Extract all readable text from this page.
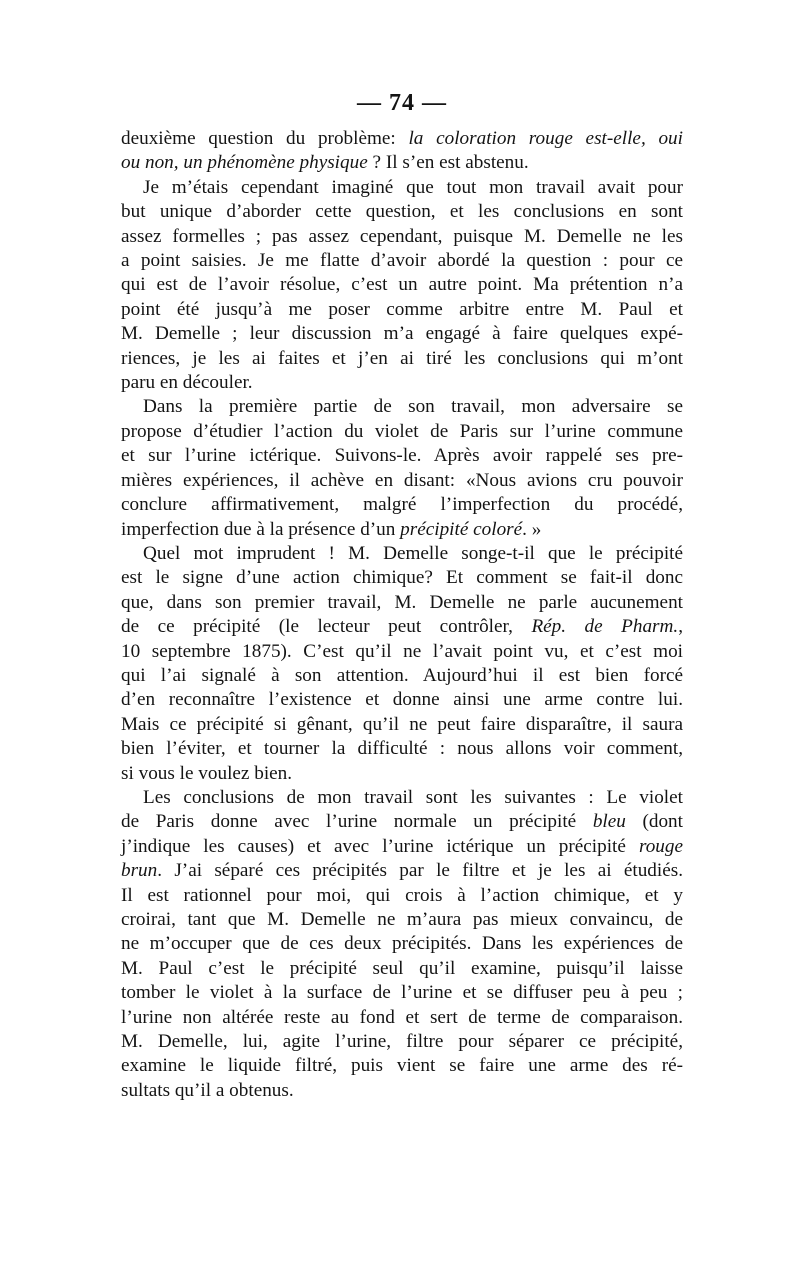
— 74 —
deuxième question du problème: la coloration rouge est-elle, oui
ou non, un phénomène physique ? Il s’en est abstenu.
Je m’étais cependant imaginé que tout mon travail avait pour
but unique d’aborder cette question, et les conclusions en sont
assez formelles ; pas assez cependant, puisque M. Demelle ne les
a point saisies. Je me flatte d’avoir abordé la question : pour ce
qui est de l’avoir résolue, c’est un autre point. Ma prétention n’a
point été jusqu’à me poser comme arbitre entre M. Paul et
M. Demelle ; leur discussion m’a engagé à faire quelques expé-
riences, je les ai faites et j’en ai tiré les conclusions qui m’ont
paru en découler.
Dans la première partie de son travail, mon adversaire se
propose d’étudier l’action du violet de Paris sur l’urine commune
et sur l’urine ictérique. Suivons-le. Après avoir rappelé ses pre-
mières expériences, il achève en disant: «Nous avions cru pouvoir
conclure affirmativement, malgré l’imperfection du procédé,
imperfection due à la présence d’un précipité coloré. »
Quel mot imprudent ! M. Demelle songe-t-il que le précipité
est le signe d’une action chimique? Et comment se fait-il donc
que, dans son premier travail, M. Demelle ne parle aucunement
de ce précipité (le lecteur peut contrôler, Rép. de Pharm.,
10 septembre 1875). C’est qu’il ne l’avait point vu, et c’est moi
qui l’ai signalé à son attention. Aujourd’hui il est bien forcé
d’en reconnaître l’existence et donne ainsi une arme contre lui.
Mais ce précipité si gênant, qu’il ne peut faire disparaître, il saura
bien l’éviter, et tourner la difficulté : nous allons voir comment,
si vous le voulez bien.
Les conclusions de mon travail sont les suivantes : Le violet
de Paris donne avec l’urine normale un précipité bleu (dont
j’indique les causes) et avec l’urine ictérique un précipité rouge
brun. J’ai séparé ces précipités par le filtre et je les ai étudiés.
Il est rationnel pour moi, qui crois à l’action chimique, et y
croirai, tant que M. Demelle ne m’aura pas mieux convaincu, de
ne m’occuper que de ces deux précipités. Dans les expériences de
M. Paul c’est le précipité seul qu’il examine, puisqu’il laisse
tomber le violet à la surface de l’urine et se diffuser peu à peu ;
l’urine non altérée reste au fond et sert de terme de comparaison.
M. Demelle, lui, agite l’urine, filtre pour séparer ce précipité,
examine le liquide filtré, puis vient se faire une arme des ré-
sultats qu’il a obtenus.
